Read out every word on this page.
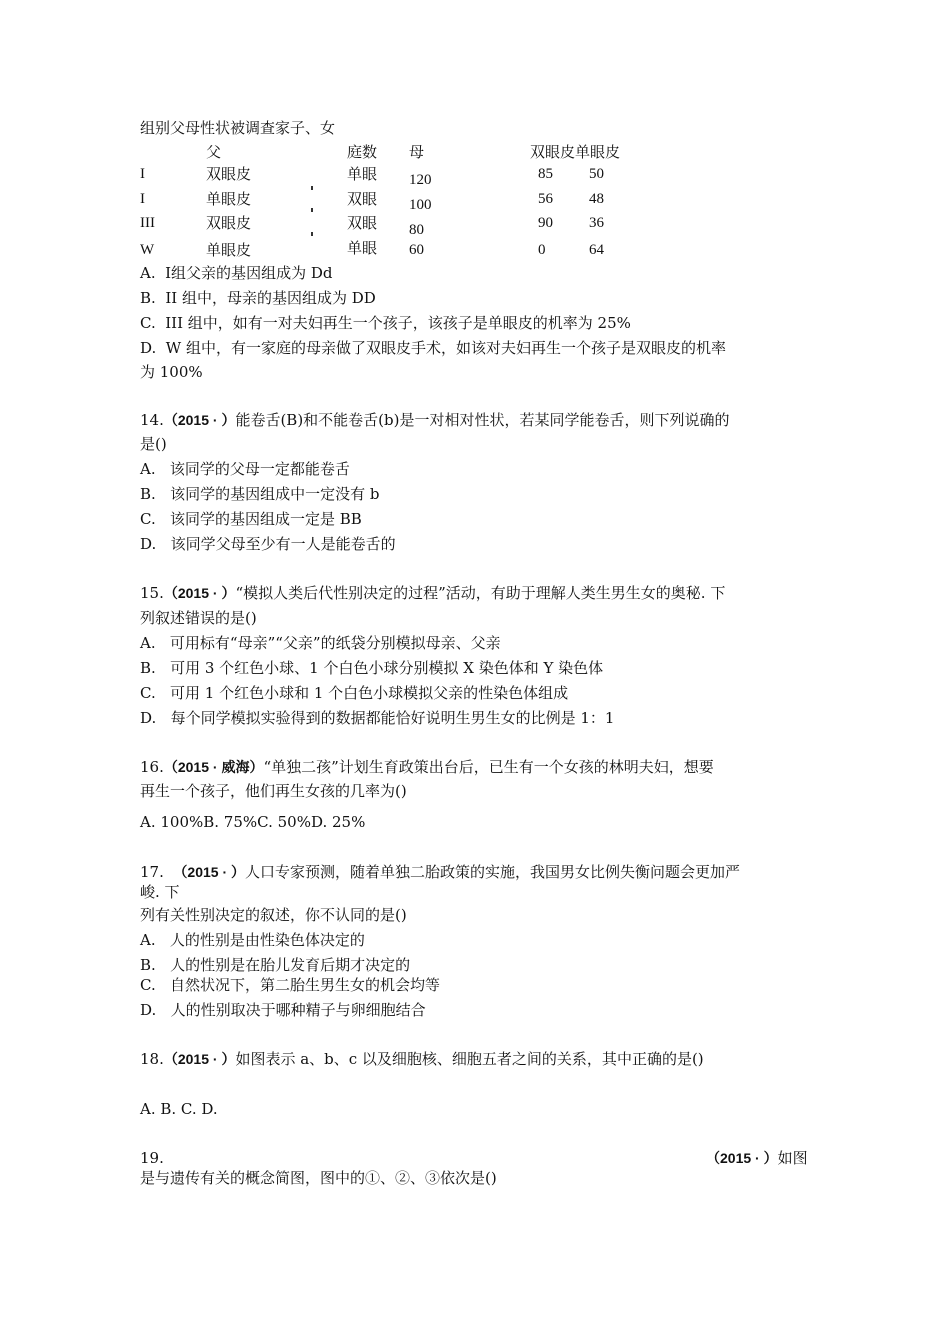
组别父母性状被调查家子、女
父	庭数 母	双眼皮单眼皮
I	双眼皮	单眼 120	85 50
I	单眼皮	双眼 100	56 48
III	双眼皮	双眼 80	90 36
W	单眼皮	单眼 60	0	64
A.  Ⅰ组父亲的基因组成为 Dd
B.  II 组中，母亲的基因组成为 DD
C.  III 组中，如有一对夫妇再生一个孩子，该孩子是单眼皮的机率为 25%
D.  W 组中，有一家庭的母亲做了双眼皮手术，如该对夫妇再生一个孩子是双眼皮的机率
为 100%
14.（2015 · ）能卷舌(B)和不能卷舌(b)是一对相对性状，若某同学能卷舌，则下列说确的
是()
A.   该同学的父母一定都能卷舌
B.   该同学的基因组成中一定没有 b
C.   该同学的基因组成一定是 BB
D.   该同学父母至少有一人是能卷舌的
15.（2015 · ）“模拟人类后代性别决定的过程”活动，有助于理解人类生男生女的奥秘. 下
列叙述错误的是()
A.   可用标有“母亲”“父亲”的纸袋分别模拟母亲、父亲
B.   可用 3 个红色小球、1 个白色小球分别模拟 X 染色体和 Y 染色体
C.   可用 1 个红色小球和 1 个白色小球模拟父亲的性染色体组成
D.   每个同学模拟实验得到的数据都能恰好说明生男生女的比例是 1：1
16.（2015 · 威海）“单独二孩”计划生育政策出台后，已生有一个女孩的林明夫妇，想要
再生一个孩子，他们再生女孩的几率为()
A. 100%B. 75%C. 50%D. 25%
17. （2015 · ）人口专家预测，随着单独二胎政策的实施，我国男女比例失衡问题会更加严
峻. 下
列有关性别决定的叙述，你不认同的是()
A.   人的性别是由性染色体决定的
B.   人的性别是在胎儿发育后期才决定的
C.   自然状况下，第二胎生男生女的机会均等
D.   人的性别取决于哪种精子与卵细胞结合
18.（2015 · ）如图表示 a、b、c 以及细胞核、细胞五者之间的关系，其中正确的是()
A. B. C. D.
19.	（2015 · ）如图
是与遗传有关的概念简图，图中的①、②、③依次是()
